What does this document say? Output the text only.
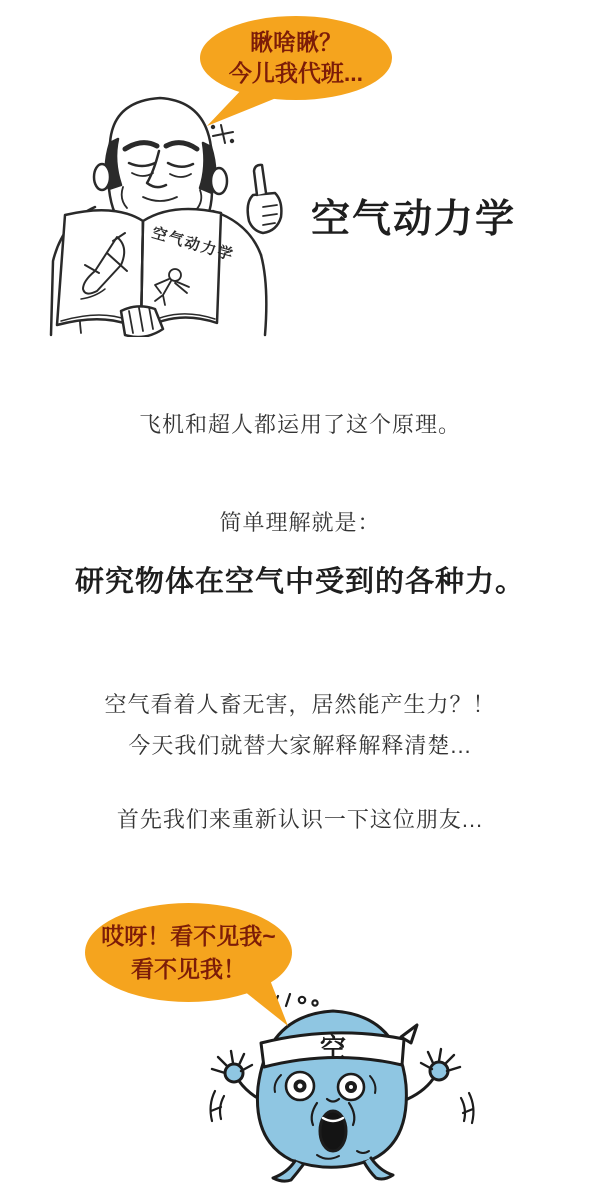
瞅啥瞅？
今儿我代班...
空气动力学
空气动力学
飞机和超人都运用了这个原理。
简单理解就是：
研究物体在空气中受到的各种力。
空气看着人畜无害，居然能产生力？！
今天我们就替大家解释解释清楚...
首先我们来重新认识一下这位朋友...
哎呀！看不见我~
看不见我！
空
